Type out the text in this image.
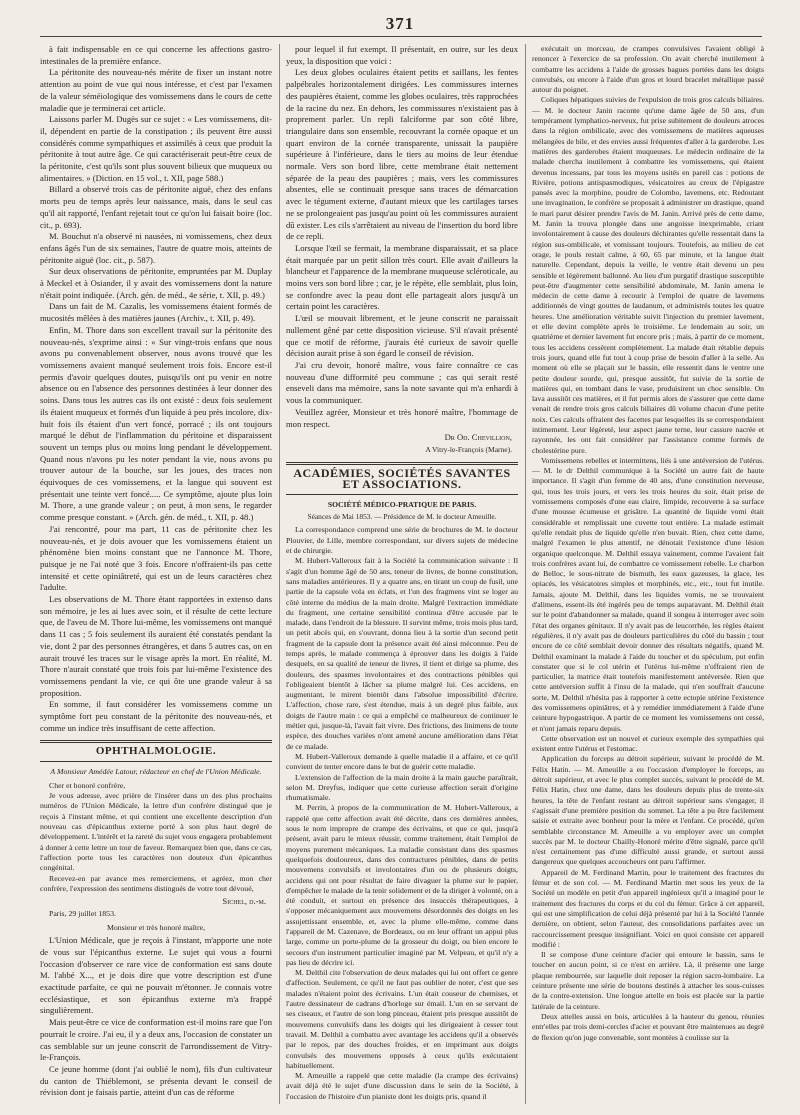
371

à fait indispensable en ce qui concerne les affections gastro-intestinales de la première enfance.

La péritonite des nouveau-nés mérite de fixer un instant notre attention au point de vue qui nous intéresse, et c'est par l'examen de la valeur séméiologique des vomissemens dans le cours de cette maladie que je terminerai cet article.

Laissons parler M. Dugès sur ce sujet : « Les vomissemens, dit-il, dépendent en partie de la constipation ; ils peuvent être aussi considérés comme sympathiques et assimilés à ceux que produit la péritonite à tout autre âge. Ce qui caractériserait peut-être ceux de la péritonite, c'est qu'ils sont plus souvent bilieux que muqueux ou alimentaires. » (Diction. en 15 vol., t. XII, page 588.)

Billard a observé trois cas de péritonite aiguë, chez des enfans morts peu de temps après leur naissance, mais, dans le seul cas qu'il ait rapporté, l'enfant rejetait tout ce qu'on lui faisait boire (loc. cit., p. 693).

M. Bouchut n'a observé ni nausées, ni vomissemens, chez deux enfans âgés l'un de six semaines, l'autre de quatre mois, atteints de péritonite aiguë (loc. cit., p. 587).

Sur deux observations de péritonite, empruntées par M. Duplay à Meckel et à Osiander, il y avait des vomissemens dont la nature n'était point indiquée. (Arch. gén. de méd., 4e série, t. XII, p. 49.)

Dans un fait de M. Cazalis, les vomissemens étaient formés de mucosités mêlées à des matières jaunes (Archiv., t. XII, p. 49).

Enfin, M. Thore dans son excellent travail sur la péritonite des nouveau-nés, s'exprime ainsi : « Sur vingt-trois enfans que nous avons pu convenablement observer, nous avons trouvé que les vomissemens avaient manqué seulement trois fois. Encore est-il permis d'avoir quelques doutes, puisqu'ils ont pu venir en notre absence ou en l'absence des personnes destinées à leur donner des soins. Dans tous les autres cas ils ont existé : deux fois seulement ils étaient muqueux et formés d'un liquide à peu près incolore, dix-huit fois ils étaient d'un vert foncé, porracé ; ils ont toujours marqué le début de l'inflammation du péritoine et disparaissent souvent un temps plus ou moins long pendant le développement. Quand nous n'avons pu les noter pendant la vie, nous avons pu trouver autour de la bouche, sur les joues, des traces non équivoques de ces vomissemens, et la langue qui souvent est présentait une teinte vert foncé..... Ce symptôme, ajoute plus loin M. Thore, a une grande valeur ; on peut, à mon sens, le regarder comme presque constant. » (Arch. gén. de méd., t. XII, p. 48.)

J'ai rencontré, pour ma part, 11 cas de péritonite chez les nouveau-nés, et je dois avouer que les vomissemens étaient un phénomène bien moins constant que ne l'annonce M. Thore, puisque je ne l'ai noté que 3 fois. Encore n'offraient-ils pas cette intensité et cette opiniâtreté, qui est un de leurs caractères chez l'adulte.

Les observations de M. Thore étant rapportées in extenso dans son mémoire, je les ai lues avec soin, et il résulte de cette lecture que, de l'aveu de M. Thore lui-même, les vomissemens ont manqué dans 11 cas ; 5 fois seulement ils auraient été constatés pendant la vie, dont 2 par des personnes étrangères, et dans 5 autres cas, on en aurait trouvé les traces sur le visage après la mort. En réalité, M. Thore n'aurait constaté que trois fois par lui-même l'existence des vomissemens pendant la vie, ce qui ôte une grande valeur à sa proposition.

En somme, il faut considérer les vomissemens comme un symptôme fort peu constant de la péritonite des nouveau-nés, et comme un indice très insuffisant de cette affection.

OPHTHALMOLOGIE.
A Monsieur Amédée Latour, rédacteur en chef de l'Union Médicale.

Cher et honoré confrère,

Je vous adresse, avec prière de l'insérer dans un des plus prochains numéros de l'Union Médicale, la lettre d'un confrère distingué que je reçois à l'instant même, et qui contient une excellente description d'un nouveau cas d'épicanthus externe porté à son plus haut degré de développement. L'intérêt et la rareté du sujet vous engagera probablement à donner à cette lettre un tour de faveur. Remarquez bien que, dans ce cas, l'affection porte tous les caractères non douteux d'un épicanthus congénital.

Recevez-en par avance mes remerciemens, et agréez, mon cher confrère, l'expression des sentimens distingués de votre tout dévoué,

Sichel, d.-m.

Paris, 29 juillet 1853.

Monsieur et très honoré maître,

L'Union Médicale, que je reçois à l'instant, m'apporte une note de vous sur l'épicanthus externe. Le sujet qui vous a fourni l'occasion d'observer ce rare vice de conformation est sans doute M. l'abbé X..., et je dois dire que votre description est d'une exactitude parfaite, ce qui ne pouvait m'étonner. Je connais votre ecclésiastique, et son épicanthus externe m'a frappé singulièrement.

Mais peut-être ce vice de conformation est-il moins rare que l'on pourrait le croire. J'ai eu, il y a deux ans, l'occasion de constater un cas semblable sur un jeune conscrit de l'arrondissement de Vitry-le-François.

Ce jeune homme (dont j'ai oublié le nom), fils d'un cultivateur du canton de Thiéblemont, se présenta devant le conseil de révision dont je faisais partie, atteint d'un cas de réforme

pour lequel il fut exempt. Il présentait, en outre, sur les deux yeux, la disposition que voici :

Les deux globes oculaires étaient petits et saillans, les fentes palpébrales horizontalement dirigées. Les commissures internes des paupières étaient, comme les globes oculaires, très rapprochées de la racine du nez. En dehors, les commissures n'existaient pas à proprement parler. Un repli falciforme par son côté libre, triangulaire dans son ensemble, recouvrant la cornée opaque et un quart environ de la cornée transparente, unissait la paupière supérieure à l'inférieure, dans le tiers au moins de leur étendue normale. Vers son bord libre, cette membrane était nettement séparée de la peau des paupières ; mais, vers les commissures absentes, elle se continuait presque sans traces de démarcation avec le tégument externe, d'autant mieux que les cartilages tarses ne se prolongeaient pas jusqu'au point où les commissures auraient dû exister. Les cils s'arrêtaient au niveau de l'insertion du bord libre de ce repli.

Lorsque l'œil se fermait, la membrane disparaissait, et sa place était marquée par un petit sillon très court. Elle avait d'ailleurs la blancheur et l'apparence de la membrane muqueuse scléroticale, au moins vers son bord libre ; car, je le répète, elle semblait, plus loin, se confondre avec la peau dont elle partageait alors jusqu'à un certain point les caractères.

L'œil se mouvait librement, et le jeune conscrit ne paraissait nullement gêné par cette disposition vicieuse. S'il n'avait présenté que ce motif de réforme, j'aurais été curieux de savoir quelle décision aurait prise à son égard le conseil de révision.

J'ai cru devoir, honoré maître, vous faire connaître ce cas nouveau d'une difformité peu commune ; cas qui serait resté enseveli dans ma mémoire, sans la note savante qui m'a enhardi à vous la communiquer.

Veuillez agréer, Monsieur et très honoré maître, l'hommage de mon respect.

Dr Od. Chevillion,
A Vitry-le-François (Marne).
ACADÉMIES, SOCIÉTÉS SAVANTES ET ASSOCIATIONS.
SOCIÉTÉ MÉDICO-PRATIQUE DE PARIS.
Séances de Mai 1853. — Présidence de M. le docteur Ameuille.

La correspondance comprend une série de brochures de M. le docteur Plouvier, de Lille, membre correspondant, sur divers sujets de médecine et de chirurgie.

M. Hubert-Valleroux fait à la Société la communication suivante : Il s'agit d'un homme âgé de 50 ans, teneur de livres, de bonne constitution, sans maladies antérieures. Il y a quatre ans, en tirant un coup de fusil, une partie de la capsule vola en éclats, et l'un des fragmens vint se loger au côté interne du médius de la main droite. Malgré l'extraction immédiate du fragment, une certaine sensibilité continua d'être accusée par le malade, dans l'endroit de la blessure. Il survint même, trois mois plus tard, un petit abcès qui, en s'ouvrant, donna lieu à la sortie d'un second petit fragment de la capsule dont la présence avait été ainsi méconnue. Peu de temps après, le malade commença à éprouver dans les doigts à l'aide desquels, en sa qualité de teneur de livres, il tient et dirige sa plume, des douleurs, des spasmes involontaires et des contractions pénibles qui l'obligeaient bientôt à lâcher sa plume malgré lui. Ces accidens, en augmentant, le mirent bientôt dans l'absolue impossibilité d'écrire. L'affection, chose rare, s'est étendue, mais à un degré plus faible, aux doigts de l'autre main : ce qui a empêché ce malheureux de continuer le métier qui, jusque-là, l'avait fait vivre. Des frictions, des linimens de toute espèce, des douches variées n'ont amené aucune amélioration dans l'état de ce malade.

M. Hubert-Valleroux demande à quelle maladie il a affaire, et ce qu'il convient de tenter encore dans le but de guérir cette maladie.

L'extension de l'affection de la main droite à la main gauche paraîtrait, selon M. Dreyfus, indiquer que cette curieuse affection serait d'origine rhumatismale.

M. Perrin, à propos de la communication de M. Hubert-Valleroux, a rappelé que cette affection avait été décrite, dans ces dernières années, sous le nom impropre de crampe des écrivains, et que ce qui, jusqu'à présent, avait paru le mieux réussir, comme traitement, était l'emploi de moyens purement mécaniques. La maladie consistant dans des spasmes quelquefois douloureux, dans des contractures pénibles, dans de petits mouvemens convulsifs et involontaires d'un ou de plusieurs doigts, accidens qui ont pour résultat de faire divaguer la plume sur le papier, d'empêcher le malade de la tenir solidement et de la diriger à volonté, on a été conduit, et surtout en présence des insuccès thérapeutiques, à s'opposer mécaniquement aux mouvemens désordonnés des doigts en les assujettissant ensemble, et, avec la plume elle-même, comme dans l'appareil de M. Cazenave, de Bordeaux, ou en leur offrant un appui plus large, comme un porte-plume de la grosseur du doigt, ou bien encore le secours d'un instrument particulier imaginé par M. Velpeau, et qu'il n'y a pas lieu de décrire ici.

M. Delthil cite l'observation de deux malades qui lui ont offert ce genre d'affection. Seulement, ce qu'il ne faut pas oublier de noter, c'est que ses malades n'étaient point des écrivains. L'un était couseur de chemises, et l'autre dessinateur de cadrans d'horloge sur émail. L'un en se servant de ses ciseaux, et l'autre de son long pinceau, étaient pris presque aussitôt de mouvemens convulsifs dans les doigts qui les dirigeaient à cesser tout travail. M. Delthil a combattu avec avantage les accidens qu'il a observés par le repos, par des douches froides, et en imprimant aux doigts convulsés des mouvemens opposés à ceux qu'ils exécutaient habituellement.

M. Ameuille a rappelé que cette maladie (la crampe des écrivains) avait déjà été le sujet d'une discussion dans le sein de la Société, à l'occasion de l'histoire d'un pianiste dont les doigts pris, quand il

exécutait un morceau, de crampes convulsives l'avaient obligé à renoncer à l'exercice de sa profession. On avait cherché inutilement à combattre les accidens à l'aide de grosses bagues portées dans les doigts convulsés, ou encore à l'aide d'un gros et lourd bracelet métallique passé autour du poignet.

Coliques hépatiques suivies de l'expulsion de trois gros calculs biliaires. — M. le docteur Janin raconte qu'une dame âgée de 50 ans, d'un tempérament lymphatico-nerveux, fut prise subitement de douleurs atroces dans la région ombilicale, avec des vomissemens de matières aqueuses mélangées de bile, et des envies aussi fréquentes d'aller à la garderobe. Les matières des garderobes étaient muqueuses. Le médecin ordinaire de la malade chercha inutilement à combattre les vomissemens, qui étaient devenus incessans, par tous les moyens usités en pareil cas : potions de Rivière, potions antispasmodiques, vésicatoires au creux de l'épigastre pansés avec la morphine, poudre de Colombo, lavemens, etc. Redoutant une invagination, le confrère se proposait à administrer un drastique, quand le mari parut désirer prendre l'avis de M. Janin. Arrivé près de cette dame, M. Janin la trouva plongée dans une angoisse inexprimable, criant involontairement à cause des douleurs déchirantes qu'elle ressentait dans la région sus-ombilicale, et vomissant toujours. Toutefois, au milieu de cet orage, le pouls restait calme, à 60, 65 par minute, et la langue était naturelle. Cependant, depuis la veille, le ventre était devenu un peu sensible et légèrement ballonné. Au lieu d'un purgatif drastique susceptible peut-être d'augmenter cette sensibilité abdominale, M. Janin amena le médecin de cette dame à recourir à l'emploi de quatre de lavemens additionnés de vingt gouttes de laudanum, et administrés toutes les quatre heures. Une amélioration véritable suivit l'injection du premier lavement, et elle devint complète après le troisième. Le lendemain au soir, un quatrième et dernier lavement fut encore pris ; mais, à partir de ce moment, tous les accidens cessèrent complètement. La malade était rétablie depuis trois jours, quand elle fut tout à coup prise de besoin d'aller à la selle. Au moment où elle se plaçait sur le bassin, elle ressentit dans le ventre une petite douleur sourde, qui, presque aussitôt, fut suivie de la sortie de matières qui, en tombant dans le vase, produisirent un choc sensible. On lava aussitôt ces matières, et il fut permis alors de s'assurer que cette dame venait de rendre trois gros calculs biliaires dû volume chacun d'une petite noix. Ces calculs offraient des facettes par lesquelles ils se correspondaient intimement. Leur légèreté, leur aspect jaune terne, leur cassure nacrée et rayonnée, les ont fait considérer par l'assistance comme formés de cholestérine pure.

Vomissemens rebelles et intermittens, liés à une antéversion de l'utérus. — M. le dr Delthil communique à la Société un autre fait de haute importance. Il s'agit d'un femme de 40 ans, d'une constitution nerveuse, qui, tous les trois jours, et vers les trois heures du soir, était prise de vomissemens composés d'une eau claire, limpide, recouverte à sa surface d'une mousse écumeuse et grisâtre. La quantité de liquide vomi était considérable et remplissait une cuvette tout entière. La malade estimait qu'elle rendait plus de liquide qu'elle n'en buvait. Rien, chez cette dame, malgré l'examen le plus attentif, ne dénotait l'existence d'une lésion organique quelconque. M. Delthil essaya vainement, comme l'avaient fait trois confrères avant lui, de combattre ce vomissement rebelle. Le charbon de Belloc, le sous-nitrate de bismuth, les eaux gazeuses, la glace, les opiacés, les vésicatoires simples et morphinés, etc., etc., tout fut inutile. Jamais, ajoute M. Delthil, dans les liquides vomis, ne se trouvaient d'alimens, essent-ils été ingérés peu de temps auparavant. M. Delthil était sur le point d'abandonner sa malade, quand il songea à interroger avec soin l'état des organes génitaux. Il n'y avait pas de leucorrhée, les règles étaient régulières, il n'y avait pas de douleurs particulières du côté du bassin ; tout encore de ce côté semblait devoir donner des résultats négatifs, quand M. Delthil examinant la malade à l'aide du toucher et du spéculum, put enfin constater que si le col utérin et l'utérus lui-même n'offraient rien de particulier, la matrice était toutefois manifestement antéversée. Rien que cette antéversion suffit à l'insu de la malade, qui n'en souffrait d'aucune sorte, M. Delthil n'hésita pas à rapporter à cette ectopie utérine l'existence des vomissemens opiniâtres, et à y remédier immédiatement à l'aide d'une ceinture hypogastrique. A partir de ce moment les vomissemens ont cessé, et n'ont jamais reparu depuis.

Cette observation est un nouvel et curieux exemple des sympathies qui existent entre l'utérus et l'estomac.

Application du forceps au détroit supérieur, suivant le procédé de M. Félix Hatin. — M. Ameuille a eu l'occasion d'employer le forceps, au détroit supérieur, et avec le plus complet succès, suivant le procédé de M. Félix Hatin, chez une dame, dans les douleurs depuis plus de trente-six heures, la tête de l'enfant restant au détroit supérieur sans s'engager, il s'agissait d'une première position du sommet. La tête a pu être facilement saisie et extraite avec bonheur pour la mère et l'enfant. Ce procédé, qu'en semblable circonstance M. Ameuille a vu employer avec un complet succès par M. le docteur Chailly-Honoré mérite d'être signalé, parce qu'il n'est certainement pas d'une difficulté aussi grande, et surtout aussi dangereux que quelques accoucheurs ont paru l'affirmer.

Appareil de M. Ferdinand Martin, pour le traitement des fractures du fémur et de son col. — M. Ferdinand Martin met sous les yeux de la Société un modèle en petit d'un appareil ingénieux qu'il a imaginé pour le traitement des fractures du corps et du col du fémur. Grâce à cet appareil, qui est une simplification de celui déjà présenté par lui à la Société l'année dernière, on obtient, selon l'auteur, des consolidations parfaites avec un raccourcissement presque insignifiant. Voici en quoi consiste cet appareil modifié :

Il se compose d'une ceinture d'acier qui entoure le bassin, sans le toucher en aucun point, si ce n'est en arrière. Là, il présente une large plaque rembourrée, sur laquelle doit reposer la région sacro-lombaire. La ceinture présente une série de boutons destinés à attacher les sous-cuisses de la contre-extension. Une longue attelle en bois est placée sur la partie latérale de la ceinture.

Deux attelles aussi en bois, articulées à la hauteur du genou, réunies entr'elles par trois demi-cercles d'acier et pouvant être maintenues au degré de flexion qu'on juge convenable, sont montées à coulisse sur la
